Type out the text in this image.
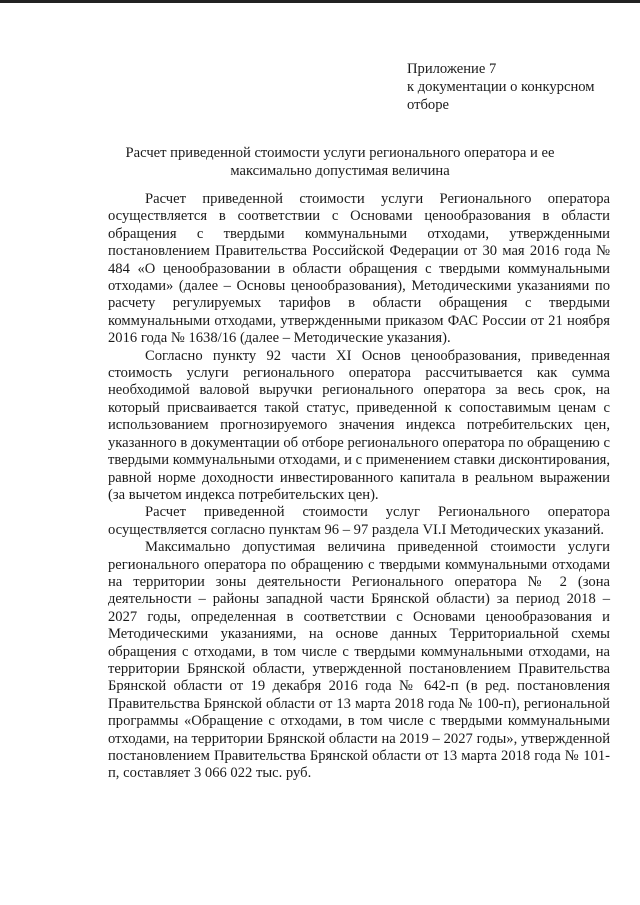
Приложение 7
к документации о конкурсном
отборе
Расчет приведенной стоимости услуги регионального оператора и ее максимально допустимая величина

Расчет приведенной стоимости услуги Регионального оператора осуществляется в соответствии с Основами ценообразования в области обращения с твердыми коммунальными отходами, утвержденными постановлением Правительства Российской Федерации от 30 мая 2016 года № 484 «О ценообразовании в области обращения с твердыми коммунальными отходами» (далее – Основы ценообразования), Методическими указаниями по расчету регулируемых тарифов в области обращения с твердыми коммунальными отходами, утвержденными приказом ФАС России от 21 ноября 2016 года № 1638/16 (далее – Методические указания).

Согласно пункту 92 части XI Основ ценообразования, приведенная стоимость услуги регионального оператора рассчитывается как сумма необходимой валовой выручки регионального оператора за весь срок, на который присваивается такой статус, приведенной к сопоставимым ценам с использованием прогнозируемого значения индекса потребительских цен, указанного в документации об отборе регионального оператора по обращению с твердыми коммунальными отходами, и с применением ставки дисконтирования, равной норме доходности инвестированного капитала в реальном выражении (за вычетом индекса потребительских цен).

Расчет приведенной стоимости услуг Регионального оператора осуществляется согласно пунктам 96 – 97 раздела VI.I Методических указаний.

Максимально допустимая величина приведенной стоимости услуги регионального оператора по обращению с твердыми коммунальными отходами на территории зоны деятельности Регионального оператора № 2 (зона деятельности – районы западной части Брянской области) за период 2018 – 2027 годы, определенная в соответствии с Основами ценообразования и Методическими указаниями, на основе данных Территориальной схемы обращения с отходами, в том числе с твердыми коммунальными отходами, на территории Брянской области, утвержденной постановлением Правительства Брянской области от 19 декабря 2016 года № 642-п (в ред. постановления Правительства Брянской области от 13 марта 2018 года № 100-п), региональной программы «Обращение с отходами, в том числе с твердыми коммунальными отходами, на территории Брянской области на 2019 – 2027 годы», утвержденной постановлением Правительства Брянской области от 13 марта 2018 года № 101-п, составляет 3 066 022 тыс. руб.
